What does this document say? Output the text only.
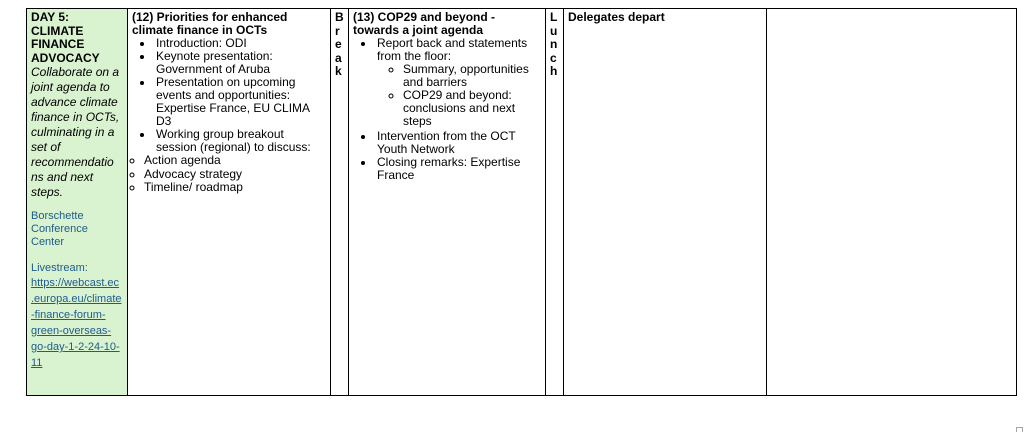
DAY 5:
CLIMATE
FINANCE
ADVOCACY
Collaborate on a
joint agenda to
advance climate
finance in OCTs,
culminating in a
set of
recommendatio
ns and next
steps.
Borschette
Conference
Center
Livestream:
https://webcast.ec
.europa.eu/climate
-finance-forum-
green-overseas-
go-day-1-2-24-10-
11

(12) Priorities for enhanced climate finance in OCTs
• Introduction: ODI
• Keynote presentation: Government of Aruba
• Presentation on upcoming events and opportunities: Expertise France, EU CLIMA D3
• Working group breakout session (regional) to discuss:
◦ Action agenda
◦ Advocacy strategy
◦ Timeline/ roadmap

B
r
e
a
k

(13) COP29 and beyond - towards a joint agenda
• Report back and statements from the floor:
◦ Summary, opportunities and barriers
◦ COP29 and beyond: conclusions and next steps
• Intervention from the OCT Youth Network
• Closing remarks: Expertise France

L
u
n
c
h

Delegates depart
